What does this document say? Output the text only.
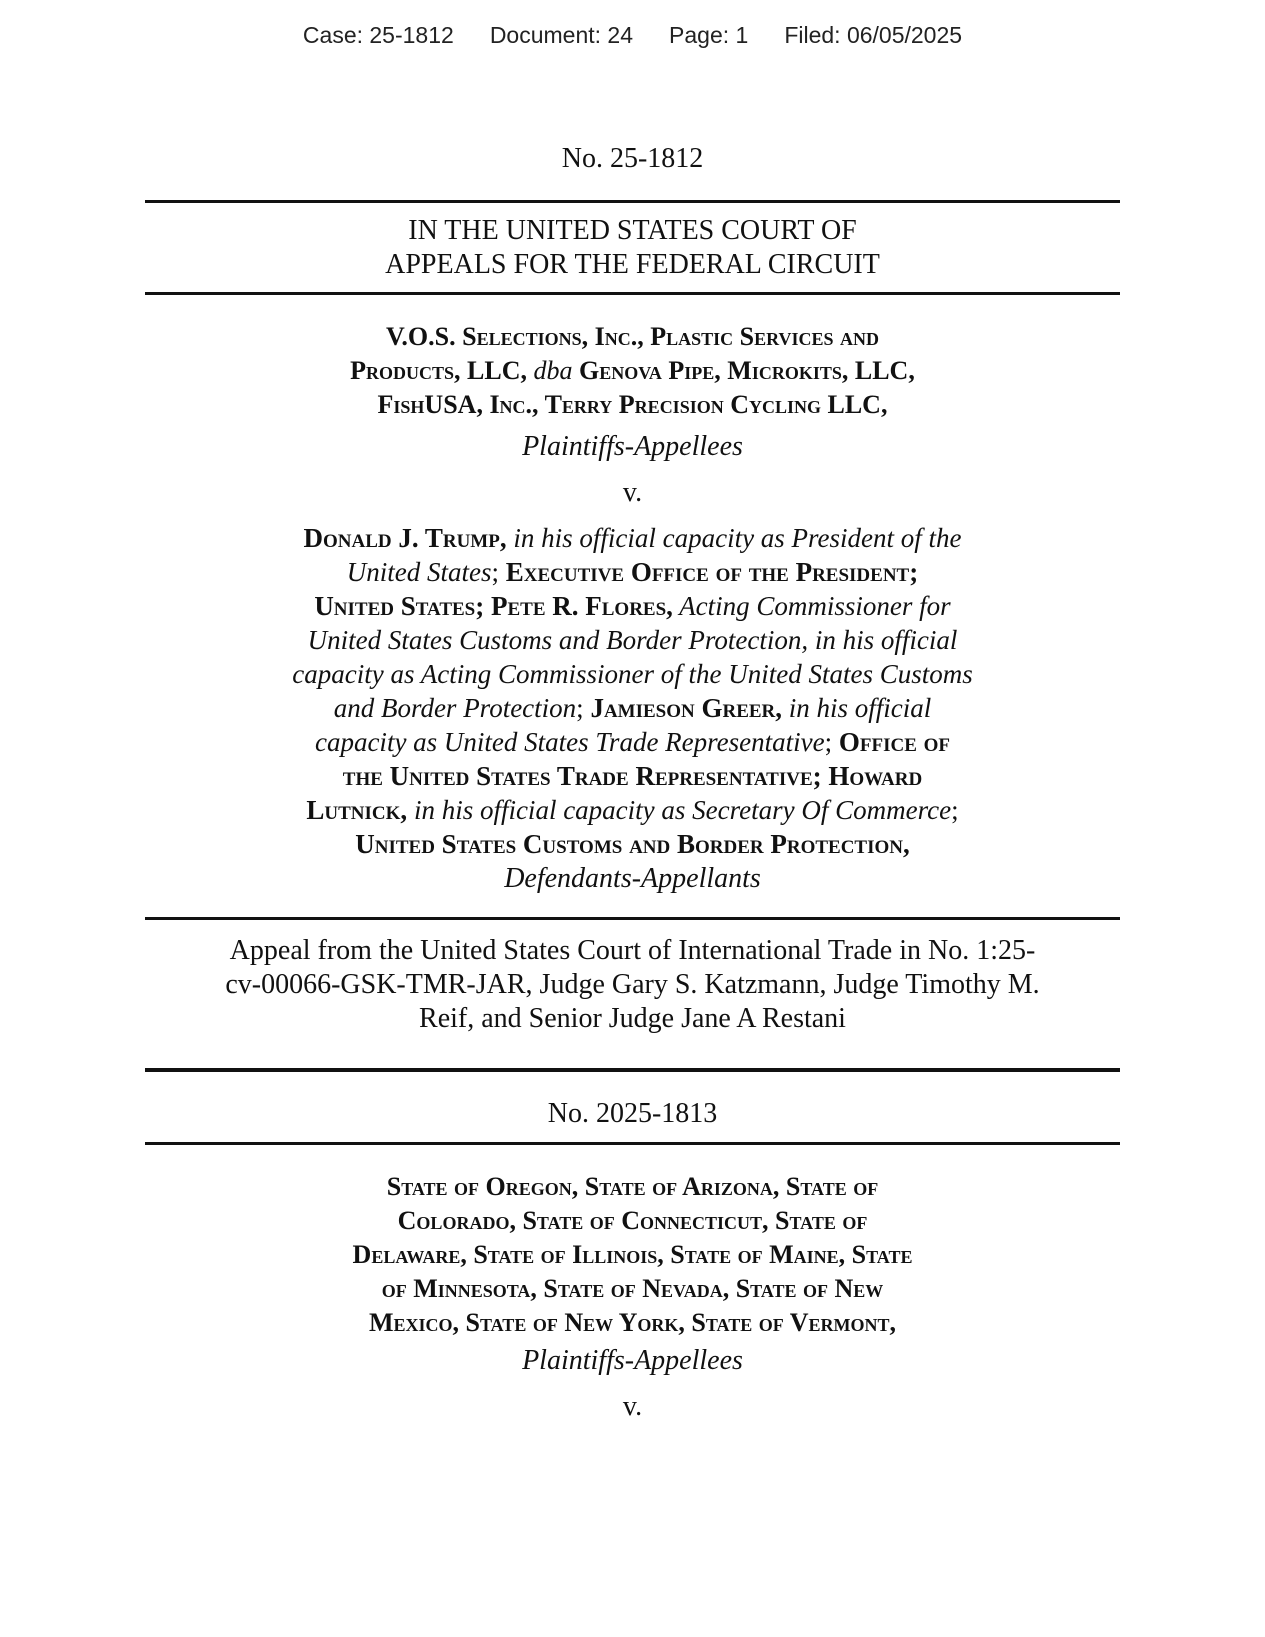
Case: 25-1812 Document: 24 Page: 1 Filed: 06/05/2025
No. 25-1812
IN THE UNITED STATES COURT OF
APPEALS FOR THE FEDERAL CIRCUIT
V.O.S. Selections, Inc., Plastic Services and
Products, LLC, dba Genova Pipe, Microkits, LLC,
FishUSA, Inc., Terry Precision Cycling LLC,
Plaintiffs-Appellees
v.
Donald J. Trump, in his official capacity as President of the
United States; Executive Office of the President;
United States; Pete R. Flores, Acting Commissioner for
United States Customs and Border Protection, in his official
capacity as Acting Commissioner of the United States Customs
and Border Protection; Jamieson Greer, in his official
capacity as United States Trade Representative; Office of
the United States Trade Representative; Howard
Lutnick, in his official capacity as Secretary Of Commerce;
United States Customs and Border Protection,
Defendants-Appellants
Appeal from the United States Court of International Trade in No. 1:25-
cv-00066-GSK-TMR-JAR, Judge Gary S. Katzmann, Judge Timothy M.
Reif, and Senior Judge Jane A Restani
No. 2025-1813
State of Oregon, State of Arizona, State of
Colorado, State of Connecticut, State of
Delaware, State of Illinois, State of Maine, State
of Minnesota, State of Nevada, State of New
Mexico, State of New York, State of Vermont,
Plaintiffs-Appellees
v.
